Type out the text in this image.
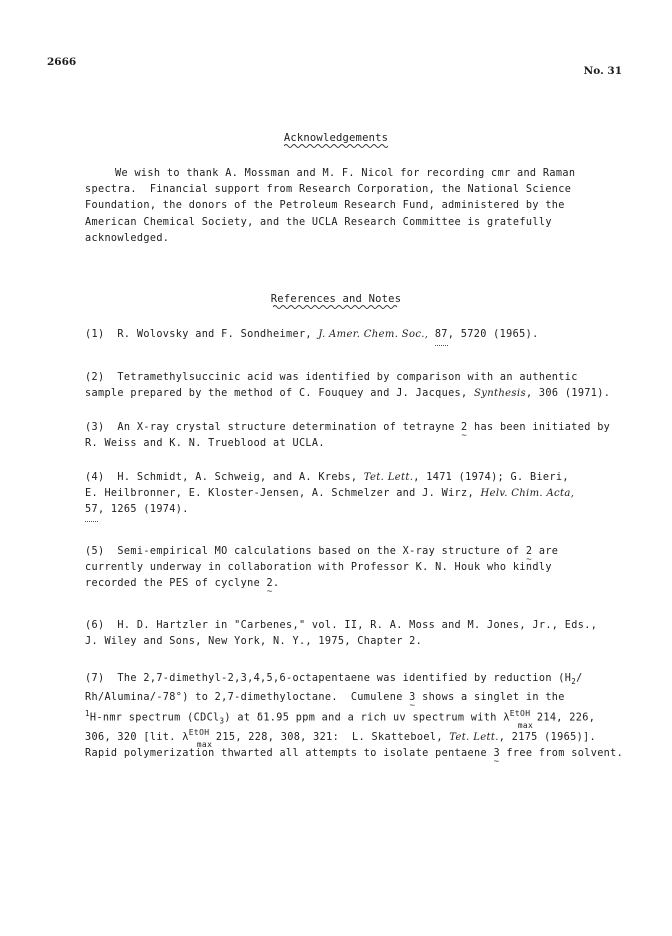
2666
No. 31
Acknowledgements
We wish to thank A. Mossman and M. F. Nicol for recording cmr and Raman
spectra.  Financial support from Research Corporation, the National Science
Foundation, the donors of the Petroleum Research Fund, administered by the
American Chemical Society, and the UCLA Research Committee is gratefully
acknowledged.
References and Notes
(1)  R. Wolovsky and F. Sondheimer, J. Amer. Chem. Soc., 87, 5720 (1965).
(2)  Tetramethylsuccinic acid was identified by comparison with an authentic
sample prepared by the method of C. Fouquey and J. Jacques, Synthesis, 306 (1971).
(3)  An X-ray crystal structure determination of tetrayne 2 ~ has been initiated by
R. Weiss and K. N. Trueblood at UCLA.
(4)  H. Schmidt, A. Schweig, and A. Krebs, Tet. Lett., 1471 (1974); G. Bieri,
E. Heilbronner, E. Kloster-Jensen, A. Schmelzer and J. Wirz, Helv. Chim. Acta,
57, 1265 (1974).
(5)  Semi-empirical MO calculations based on the X-ray structure of 2 ~ are
currently underway in collaboration with Professor K. N. Houk who kindly
recorded the PES of cyclyne 2 ~.
(6)  H. D. Hartzler in "Carbenes," vol. II, R. A. Moss and M. Jones, Jr., Eds.,
J. Wiley and Sons, New York, N. Y., 1975, Chapter 2.
(7)  The 2,7-dimethyl-2,3,4,5,6-octapentaene was identified by reduction ($H_2/$
Rh/Alumina/-78°) to 2,7-dimethyloctane.  Cumulene 3 ~ shows a singlet in the
$^1$H-nmr spectrum (CDCl$_3$) at δ1.95 ppm and a rich uv spectrum with $\lambda^{EtOH}$
max
214, 226,
306, 320 [lit. $\lambda^{EtOH}$
max
215, 228, 308, 321:  L. Skatteboel, Tet. Lett., 2175 (1965)].
Rapid polymerization thwarted all attempts to isolate pentaene 3 ~ free from solvent.
